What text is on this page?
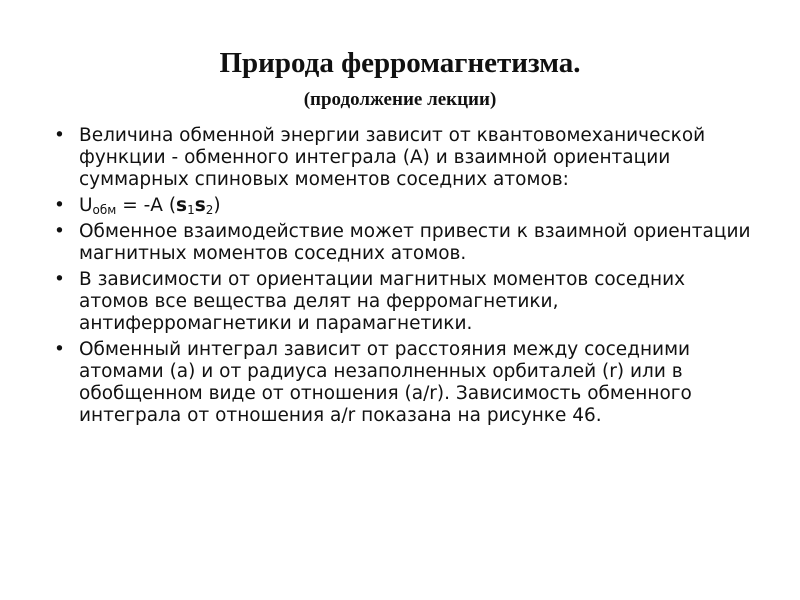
Природа ферромагнетизма.
(продолжение лекции)
• Величина обменной энергии зависит от квантовомеханической функции - обменного интеграла (А) и взаимной ориентации суммарных спиновых моментов соседних атомов:
• $U_{обм} = -A$ $(s_1s_2)$
• Обменное взаимодействие может привести к взаимной ориентации магнитных моментов соседних атомов.
• В зависимости от ориентации магнитных моментов соседних атомов все вещества делят на ферромагнетики, антиферромагнетики и парамагнетики.
• Обменный интеграл зависит от расстояния между соседними атомами (а) и от радиуса незаполненных орбиталей (r) или в обобщенном виде от отношения (а/r). Зависимость обменного интеграла от отношения а/r показана на рисунке 46.
